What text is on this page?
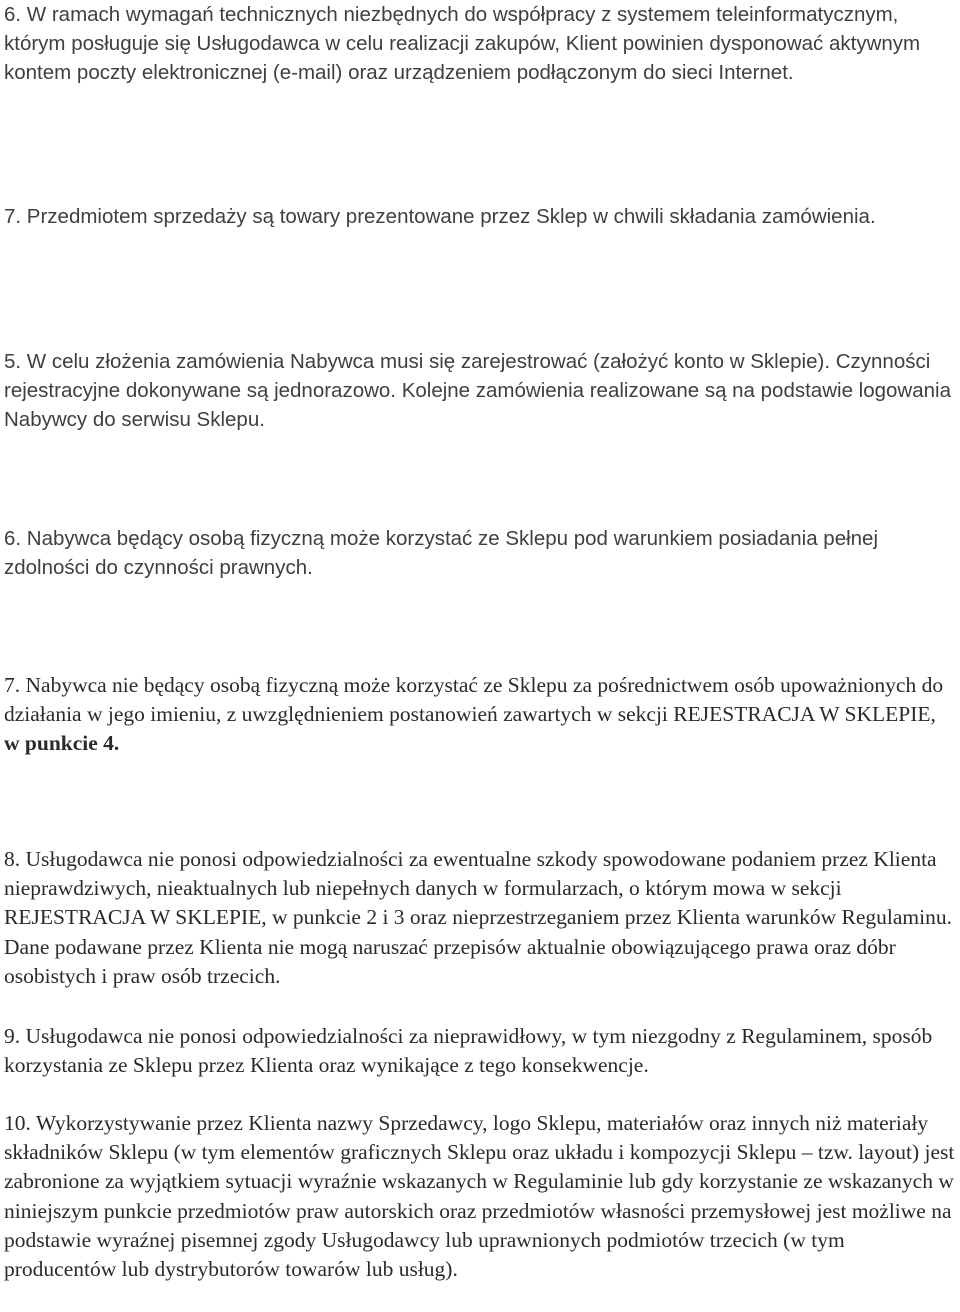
6. W ramach wymagań technicznych niezbędnych do współpracy z systemem teleinformatycznym, którym posługuje się Usługodawca w celu realizacji zakupów, Klient powinien dysponować aktywnym kontem poczty elektronicznej (e-mail) oraz urządzeniem podłączonym do sieci Internet.

7. Przedmiotem sprzedaży są towary prezentowane przez Sklep w chwili składania zamówienia.

5. W celu złożenia zamówienia Nabywca musi się zarejestrować (założyć konto w Sklepie). Czynności rejestracyjne dokonywane są jednorazowo. Kolejne zamówienia realizowane są na podstawie logowania Nabywcy do serwisu Sklepu.

6. Nabywca będący osobą fizyczną może korzystać ze Sklepu pod warunkiem posiadania pełnej zdolności do czynności prawnych.

7. Nabywca nie będący osobą fizyczną może korzystać ze Sklepu za pośrednictwem osób upoważnionych do działania w jego imieniu, z uwzględnieniem postanowień zawartych w sekcji REJESTRACJA W SKLEPIE, w punkcie 4.

8. Usługodawca nie ponosi odpowiedzialności za ewentualne szkody spowodowane podaniem przez Klienta nieprawdziwych, nieaktualnych lub niepełnych danych w formularzach, o którym mowa w sekcji REJESTRACJA W SKLEPIE, w punkcie 2 i 3 oraz nieprzestrzeganiem przez Klienta warunków Regulaminu. Dane podawane przez Klienta nie mogą naruszać przepisów aktualnie obowiązującego prawa oraz dóbr osobistych i praw osób trzecich.

9. Usługodawca nie ponosi odpowiedzialności za nieprawidłowy, w tym niezgodny z Regulaminem, sposób korzystania ze Sklepu przez Klienta oraz wynikające z tego konsekwencje.

10. Wykorzystywanie przez Klienta nazwy Sprzedawcy, logo Sklepu, materiałów oraz innych niż materiały składników Sklepu (w tym elementów graficznych Sklepu oraz układu i kompozycji Sklepu – tzw. layout) jest zabronione za wyjątkiem sytuacji wyraźnie wskazanych w Regulaminie lub gdy korzystanie ze wskazanych w niniejszym punkcie przedmiotów praw autorskich oraz przedmiotów własności przemysłowej jest możliwe na podstawie wyraźnej pisemnej zgody Usługodawcy lub uprawnionych podmiotów trzecich (w tym producentów lub dystrybutorów towarów lub usług).
